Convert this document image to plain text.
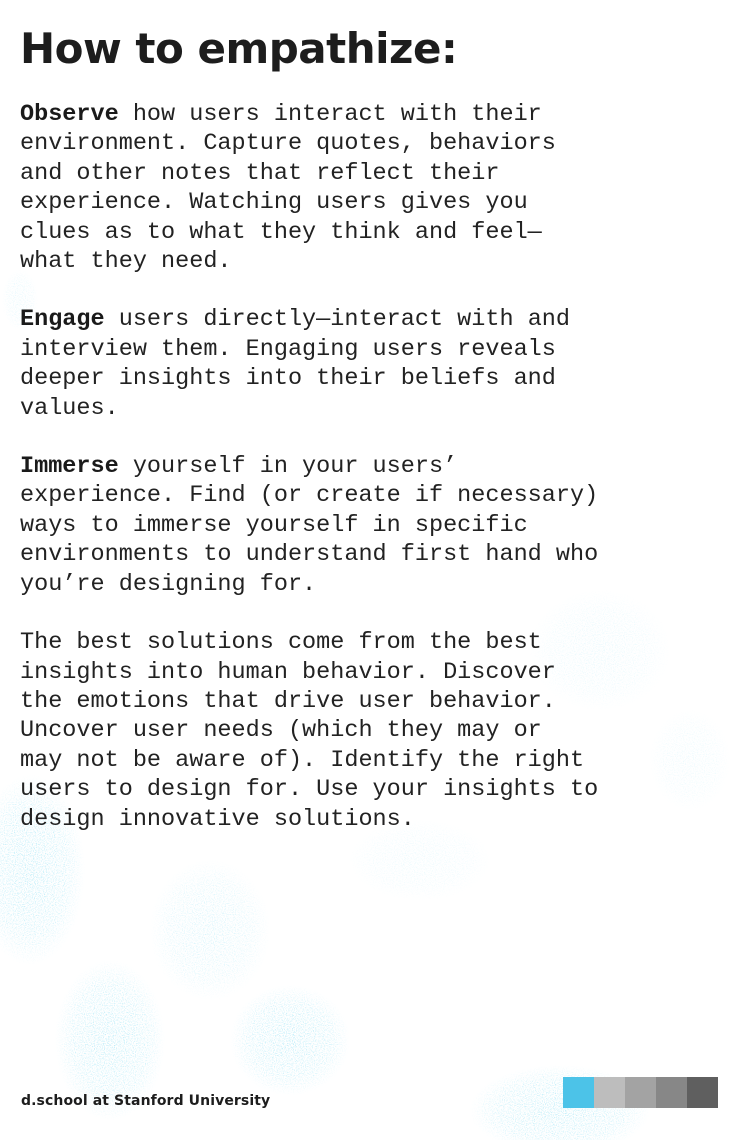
How to empathize:

Observe how users interact with their
environment. Capture quotes, behaviors
and other notes that reflect their
experience. Watching users gives you
clues as to what they think and feel—
what they need.

Engage users directly—interact with and
interview them. Engaging users reveals
deeper insights into their beliefs and
values.

Immerse yourself in your users’
experience. Find (or create if necessary)
ways to immerse yourself in specific
environments to understand first hand who
you’re designing for.

The best solutions come from the best
insights into human behavior. Discover
the emotions that drive user behavior.
Uncover user needs (which they may or
may not be aware of). Identify the right
users to design for. Use your insights to
design innovative solutions.

d.school at Stanford University
